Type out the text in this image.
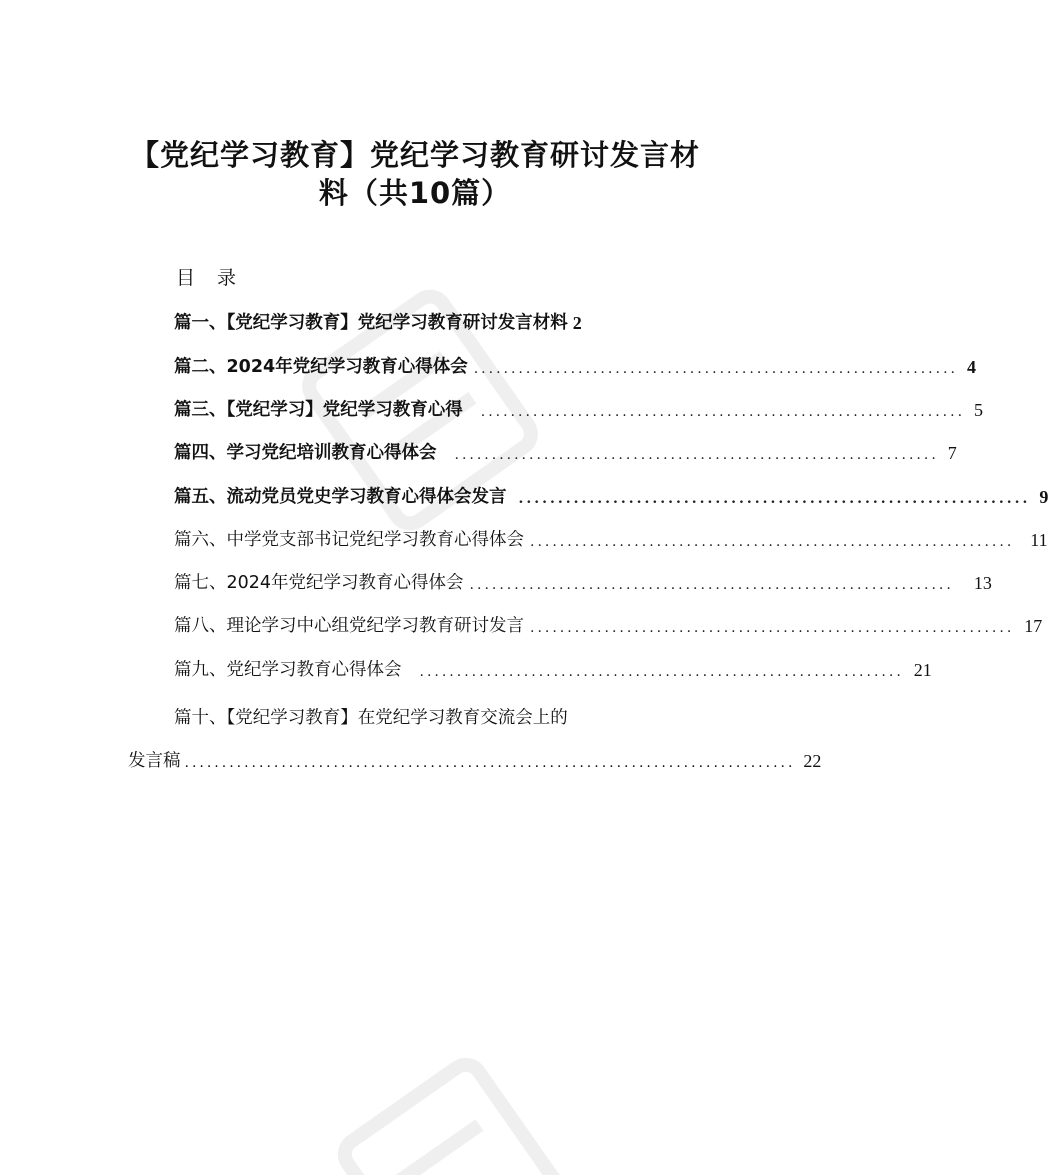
【党纪学习教育】党纪学习教育研讨发言材
料（共10篇）
目 录
篇一、【党纪学习教育】党纪学习教育研讨发言材料 2
篇二、2024年党纪学习教育心得体会 ................................................................. 4
篇三、【党纪学习】党纪学习教育心得	................................................................. 5
篇四、学习党纪培训教育心得体会	................................................................. 7
篇五、流动党员党史学习教育心得体会发言 ................................................................. 9
篇六、中学党支部书记党纪学习教育心得体会 ................................................................. 11
篇七、2024年党纪学习教育心得体会 .................................................................	13
篇八、理论学习中心组党纪学习教育研讨发言 ................................................................. 17
篇九、党纪学习教育心得体会	................................................................. 21
篇十、【党纪学习教育】在党纪学习教育交流会上的
发言稿 .................................................................................. 22
